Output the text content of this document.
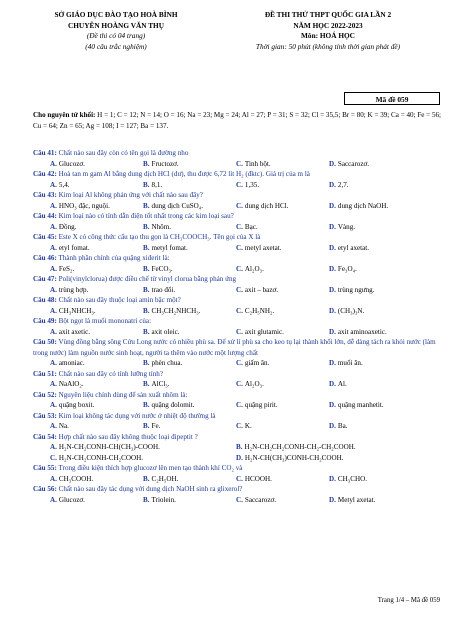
SỞ GIÁO DỤC ĐÀO TẠO HOÀ BÌNH
CHUYÊN HOÀNG VĂN THỤ
(Đề thi có 04 trang)
(40 câu trắc nghiệm)
ĐỀ THI THỬ THPT QUỐC GIA LẦN 2
NĂM HỌC 2022-2023
Môn: HOÁ HỌC
Thời gian: 50 phút (không tính thời gian phát đề)
Mã đề 059
Cho nguyên tử khối: H = 1; C = 12; N = 14; O = 16; Na = 23; Mg = 24; Al = 27; P = 31; S = 32; Cl = 35,5; Br = 80; K = 39; Ca = 40; Fe = 56; Cu = 64; Zn = 65; Ag = 108; I = 127; Ba = 137.
Câu 41: Chất nào sau đây còn có tên gọi là đường nho
A. Glucozơ.	B. Fructozơ.	C. Tinh bột.	D. Saccarozơ.
Câu 42: Hoà tan m gam Al bằng dung dịch HCl (dư), thu được 6,72 lít H₂ (đktc). Giá trị của m là
A. 5,4.	B. 8,1.	C. 1,35.	D. 2,7.
Câu 43: Kim loại Al không phản ứng với chất nào sau đây?
A. HNO₃ đặc, nguội.	B. dung dịch CuSO₄.	C. dung dịch HCl.	D. dung dịch NaOH.
Câu 44: Kim loại nào có tính dẫn điện tốt nhất trong các kim loại sau?
A. Đồng.	B. Nhôm.	C. Bạc.	D. Vàng.
Câu 45: Este X có công thức cấu tạo thu gọn là CH₃COOCH₃. Tên gọi của X là
A. etyl fomat.	B. metyl fomat.	C. metyl axetat.	D. etyl axetat.
Câu 46: Thành phần chính của quặng xiđerit là:
A. FeS₂.	B. FeCO₃.	C. Al₂O₃.	D. Fe₃O₄.
Câu 47: Poli(vinylclorua) được điều chế từ vinyl clorua bằng phản ứng
A. trùng hợp.	B. trao đổi.	C. axit – bazơ.	D. trùng ngưng.
Câu 48: Chất nào sau đây thuộc loại amin bậc một?
A. CH₃NHCH₃.	B. CH₃CH₂NHCH₃.	C. C₂H₅NH₂.	D. (CH₃)₃N.
Câu 49: Bột ngọt là muối mononatri của:
A. axit axetic.	B. axit oleic.	C. axit glutamic.	D. axit aminoaxetic.
Câu 50: Vùng đồng bằng sông Cửu Long nước có nhiều phù sa. Để xử lí phù sa cho keo tụ lại thành khối lớn, dễ dàng tách ra khỏi nước (làm trong nước) làm nguồn nước sinh hoạt, người ta thêm vào nước một lượng chất
A. amoniac.	B. phèn chua.	C. giấm ăn.	D. muối ăn.
Câu 51: Chất nào sau đây có tính lưỡng tính?
A. NaAlO₂.	B. AlCl₃.	C. Al₂O₃.	D. Al.
Câu 52: Nguyên liệu chính dùng để sản xuất nhôm là:
A. quặng boxit.	B. quặng đolomit.	C. quặng pirit.	D. quặng manhetit.
Câu 53: Kim loại không tác dụng với nước ở nhiệt độ thường là
A. Na.	B. Fe.	C. K.	D. Ba.
Câu 54: Hợp chất nào sau đây không thuộc loại đipeptit ?
A. H₂N-CH₂CONH-CH(CH₃)-COOH.	B. H₂N-CH₂CH₂CONH-CH₂-CH₂COOH.
C. H₂N-CH₂CONH-CH₂COOH.	D. H₂N-CH(CH₃)CONH-CH₂COOH.
Câu 55: Trong điều kiện thích hợp glucozơ lên men tạo thành khí CO₂ và
A. CH₃COOH.	B. C₂H₅OH.	C. HCOOH.	D. CH₃CHO.
Câu 56: Chất nào sau đây tác dụng với dung dịch NaOH sinh ra glixerol?
A. Glucozơ.	B. Triolein.	C. Saccarozơ.	D. Metyl axetat.
Trang 1/4 – Mã đề 059
